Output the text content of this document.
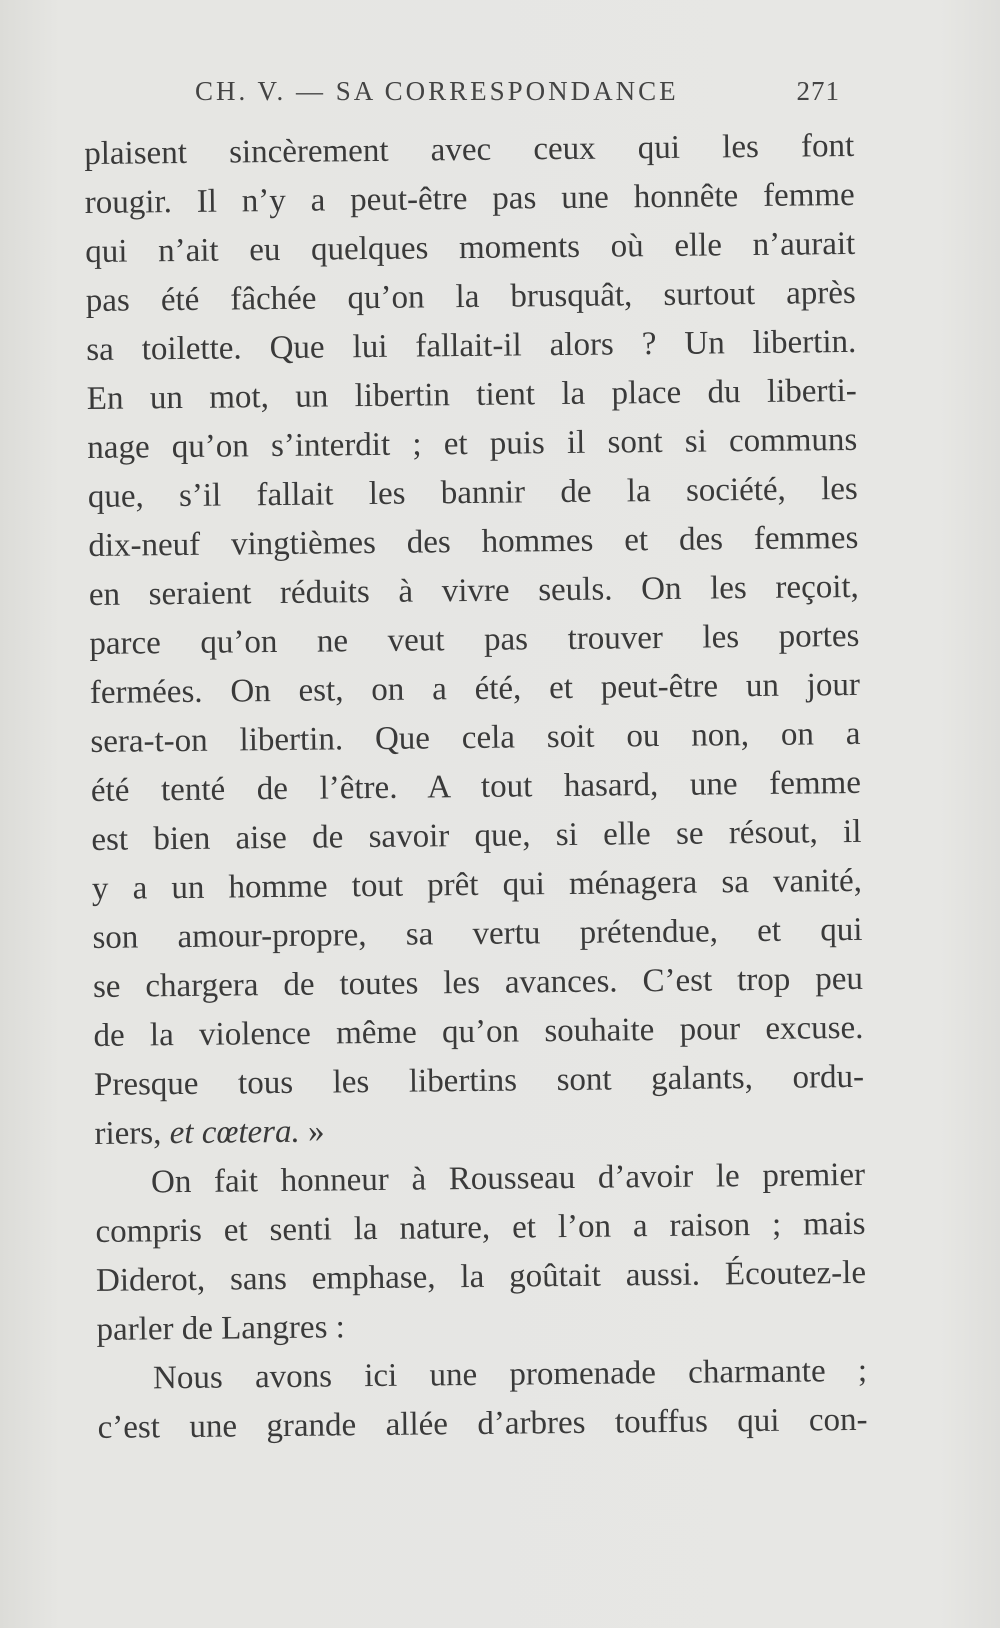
CH. V. — SA CORRESPONDANCE	271
plaisent sincèrement avec ceux qui les font
rougir. Il n’y a peut-être pas une honnête femme
qui n’ait eu quelques moments où elle n’aurait
pas été fâchée qu’on la brusquât, surtout après
sa toilette. Que lui fallait-il alors ? Un libertin.
En un mot, un libertin tient la place du liberti-
nage qu’on s’interdit ; et puis il sont si communs
que, s’il fallait les bannir de la société, les
dix-neuf vingtièmes des hommes et des femmes
en seraient réduits à vivre seuls. On les reçoit,
parce qu’on ne veut pas trouver les portes
fermées. On est, on a été, et peut-être un jour
sera-t-on libertin. Que cela soit ou non, on a
été tenté de l’être. A tout hasard, une femme
est bien aise de savoir que, si elle se résout, il
y a un homme tout prêt qui ménagera sa vanité,
son amour-propre, sa vertu prétendue, et qui
se chargera de toutes les avances. C’est trop peu
de la violence même qu’on souhaite pour excuse.
Presque tous les libertins sont galants, ordu-
riers, et cœtera. »
On fait honneur à Rousseau d’avoir le premier
compris et senti la nature, et l’on a raison ; mais
Diderot, sans emphase, la goûtait aussi. Écoutez-le
parler de Langres :
Nous avons ici une promenade charmante ;
c’est une grande allée d’arbres touffus qui con-
